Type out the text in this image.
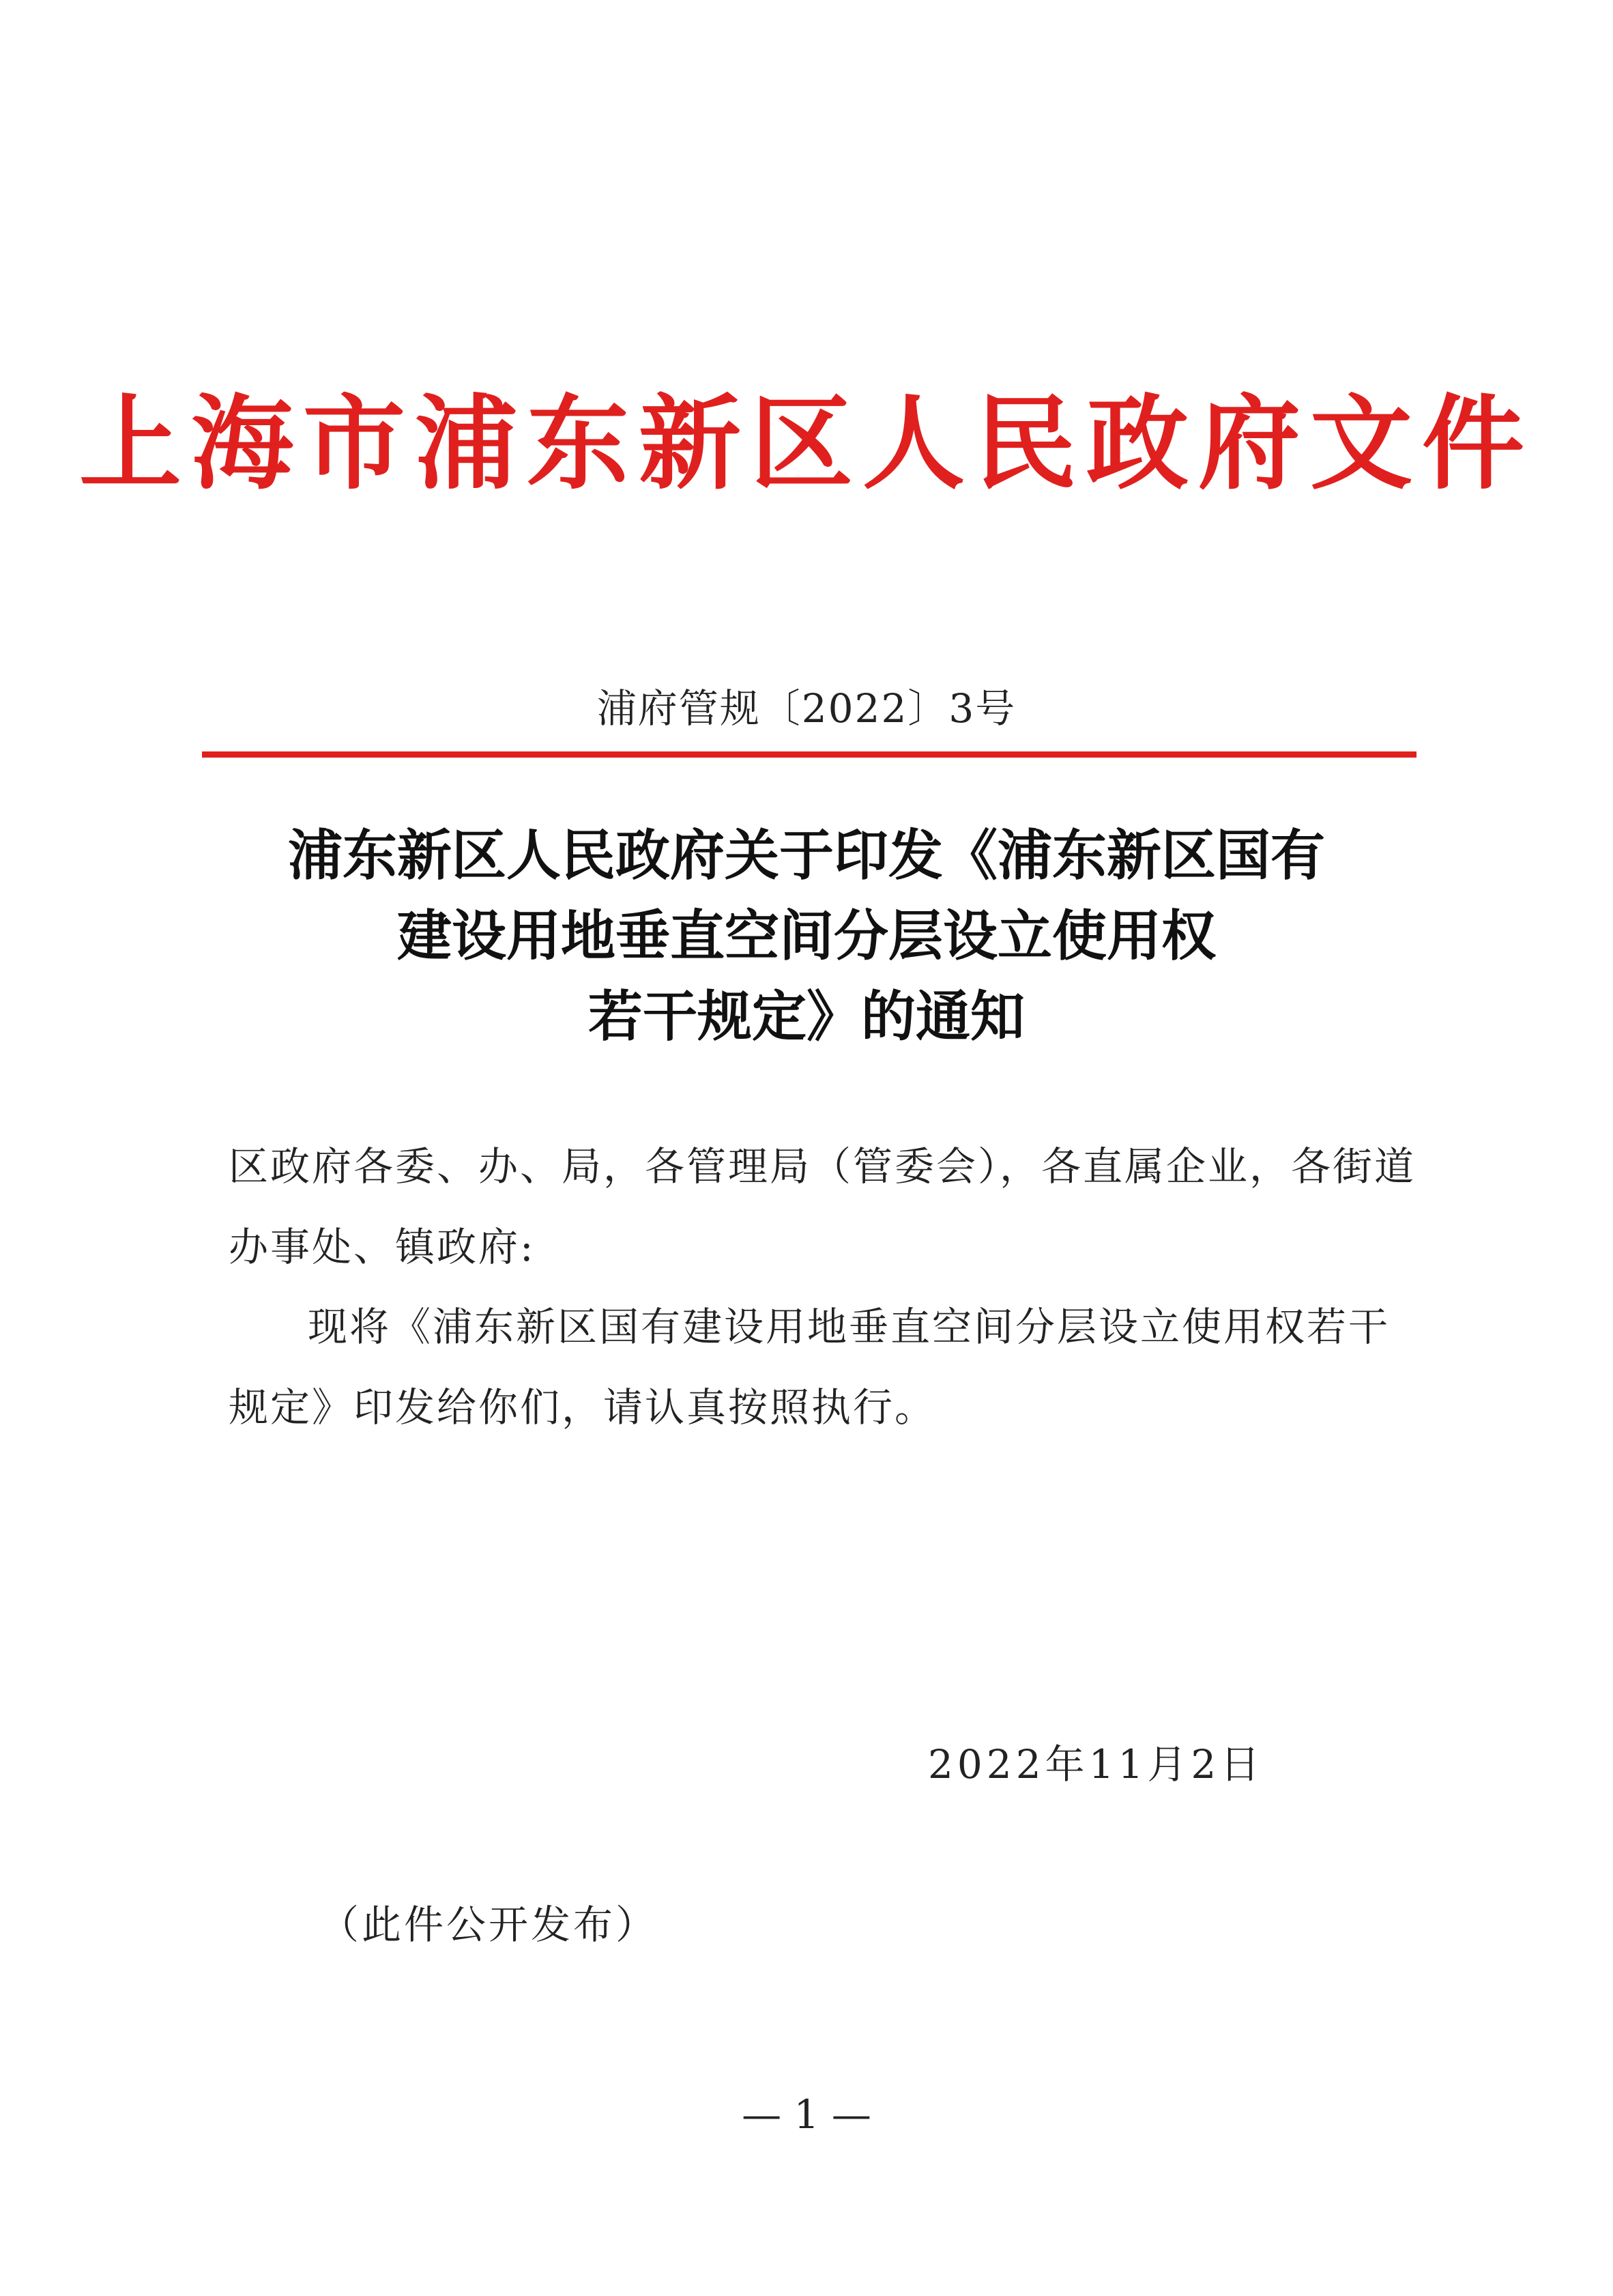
上海市浦东新区人民政府文件
浦府管规〔2022〕3号
浦东新区人民政府关于印发《浦东新区国有
建设用地垂直空间分层设立使用权
若干规定》的通知
区政府各委、办、局，各管理局（管委会），各直属企业，各街道办事处、镇政府:
现将《浦东新区国有建设用地垂直空间分层设立使用权若干规定》印发给你们，请认真按照执行。
2022年11月2日
（此件公开发布）
— 1 —
